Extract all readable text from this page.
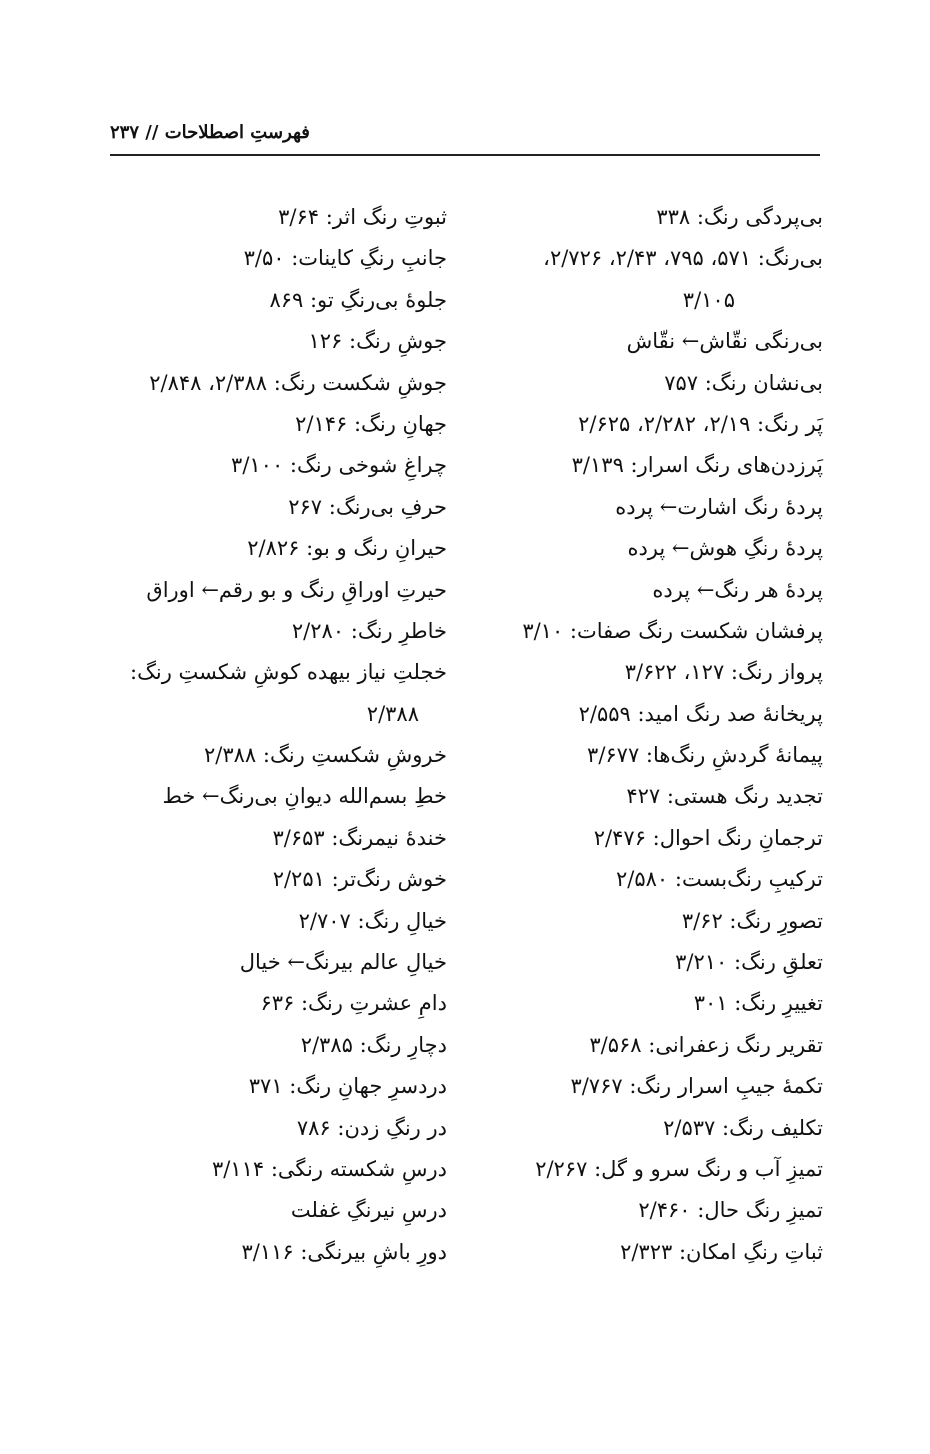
فهرستِ اصطلاحات // ۲۳۷
بی‌پردگی رنگ: ۳۳۸
بی‌رنگ: ۵۷۱، ۷۹۵، ۲/۴۳، ۲/۷۲۶،
۳/۱۰۵
بی‌رنگی نقّاش← نقّاش
بی‌نشان رنگ: ۷۵۷
پَر رنگ: ۲/۱۹، ۲/۲۸۲، ۲/۶۲۵
پَرزدن‌های رنگ اسرار: ۳/۱۳۹
پردهٔ رنگ اشارت← پرده
پردهٔ رنگِ هوش← پرده
پردهٔ هر رنگ← پرده
پرفشان شکست رنگ صفات: ۳/۱۰
پرواز رنگ: ۱۲۷، ۳/۶۲۲
پریخانهٔ صد رنگ امید: ۲/۵۵۹
پیمانهٔ گردشِ رنگ‌ها: ۳/۶۷۷
تجدید رنگ هستی: ۴۲۷
ترجمانِ رنگ احوال: ۲/۴۷۶
ترکیبِ رنگ‌بست: ۲/۵۸۰
تصورِ رنگ: ۳/۶۲
تعلقِ رنگ: ۳/۲۱۰
تغییرِ رنگ: ۳۰۱
تقریر رنگ زعفرانی: ۳/۵۶۸
تکمهٔ جیبِ اسرار رنگ: ۳/۷۶۷
تکلیف رنگ: ۲/۵۳۷
تمیزِ آب و رنگ سرو و گل: ۲/۲۶۷
تمیزِ رنگ حال: ۲/۴۶۰
ثباتِ رنگِ امکان: ۲/۳۲۳
ثبوتِ رنگ اثر: ۳/۶۴
جانبِ رنگِ کاینات: ۳/۵۰
جلوهٔ بی‌رنگِ تو: ۸۶۹
جوشِ رنگ: ۱۲۶
جوشِ شکست رنگ: ۲/۳۸۸، ۲/۸۴۸
جهانِ رنگ: ۲/۱۴۶
چراغِ شوخی رنگ: ۳/۱۰۰
حرفِ بی‌رنگ: ۲۶۷
حیرانِ رنگ و بو: ۲/۸۲۶
حیرتِ اوراقِ رنگ و بو رقم← اوراق
خاطرِ رنگ: ۲/۲۸۰
خجلتِ نیاز بیهده کوشِ شکستِ رنگ:
۲/۳۸۸
خروشِ شکستِ رنگ: ۲/۳۸۸
خطِ بسم‌الله دیوانِ بی‌رنگ← خط
خندهٔ نیمرنگ: ۳/۶۵۳
خوش رنگ‌تر: ۲/۲۵۱
خیالِ رنگ: ۲/۷۰۷
خیالِ عالم بیرنگ← خیال
دامِ عشرتِ رنگ: ۶۳۶
دچارِ رنگ: ۲/۳۸۵
دردسرِ جهانِ رنگ: ۳۷۱
در رنگِ زدن: ۷۸۶
درسِ شکسته رنگی: ۳/۱۱۴
درسِ نیرنگِ غفلت
دورِ باشِ بیرنگی: ۳/۱۱۶
